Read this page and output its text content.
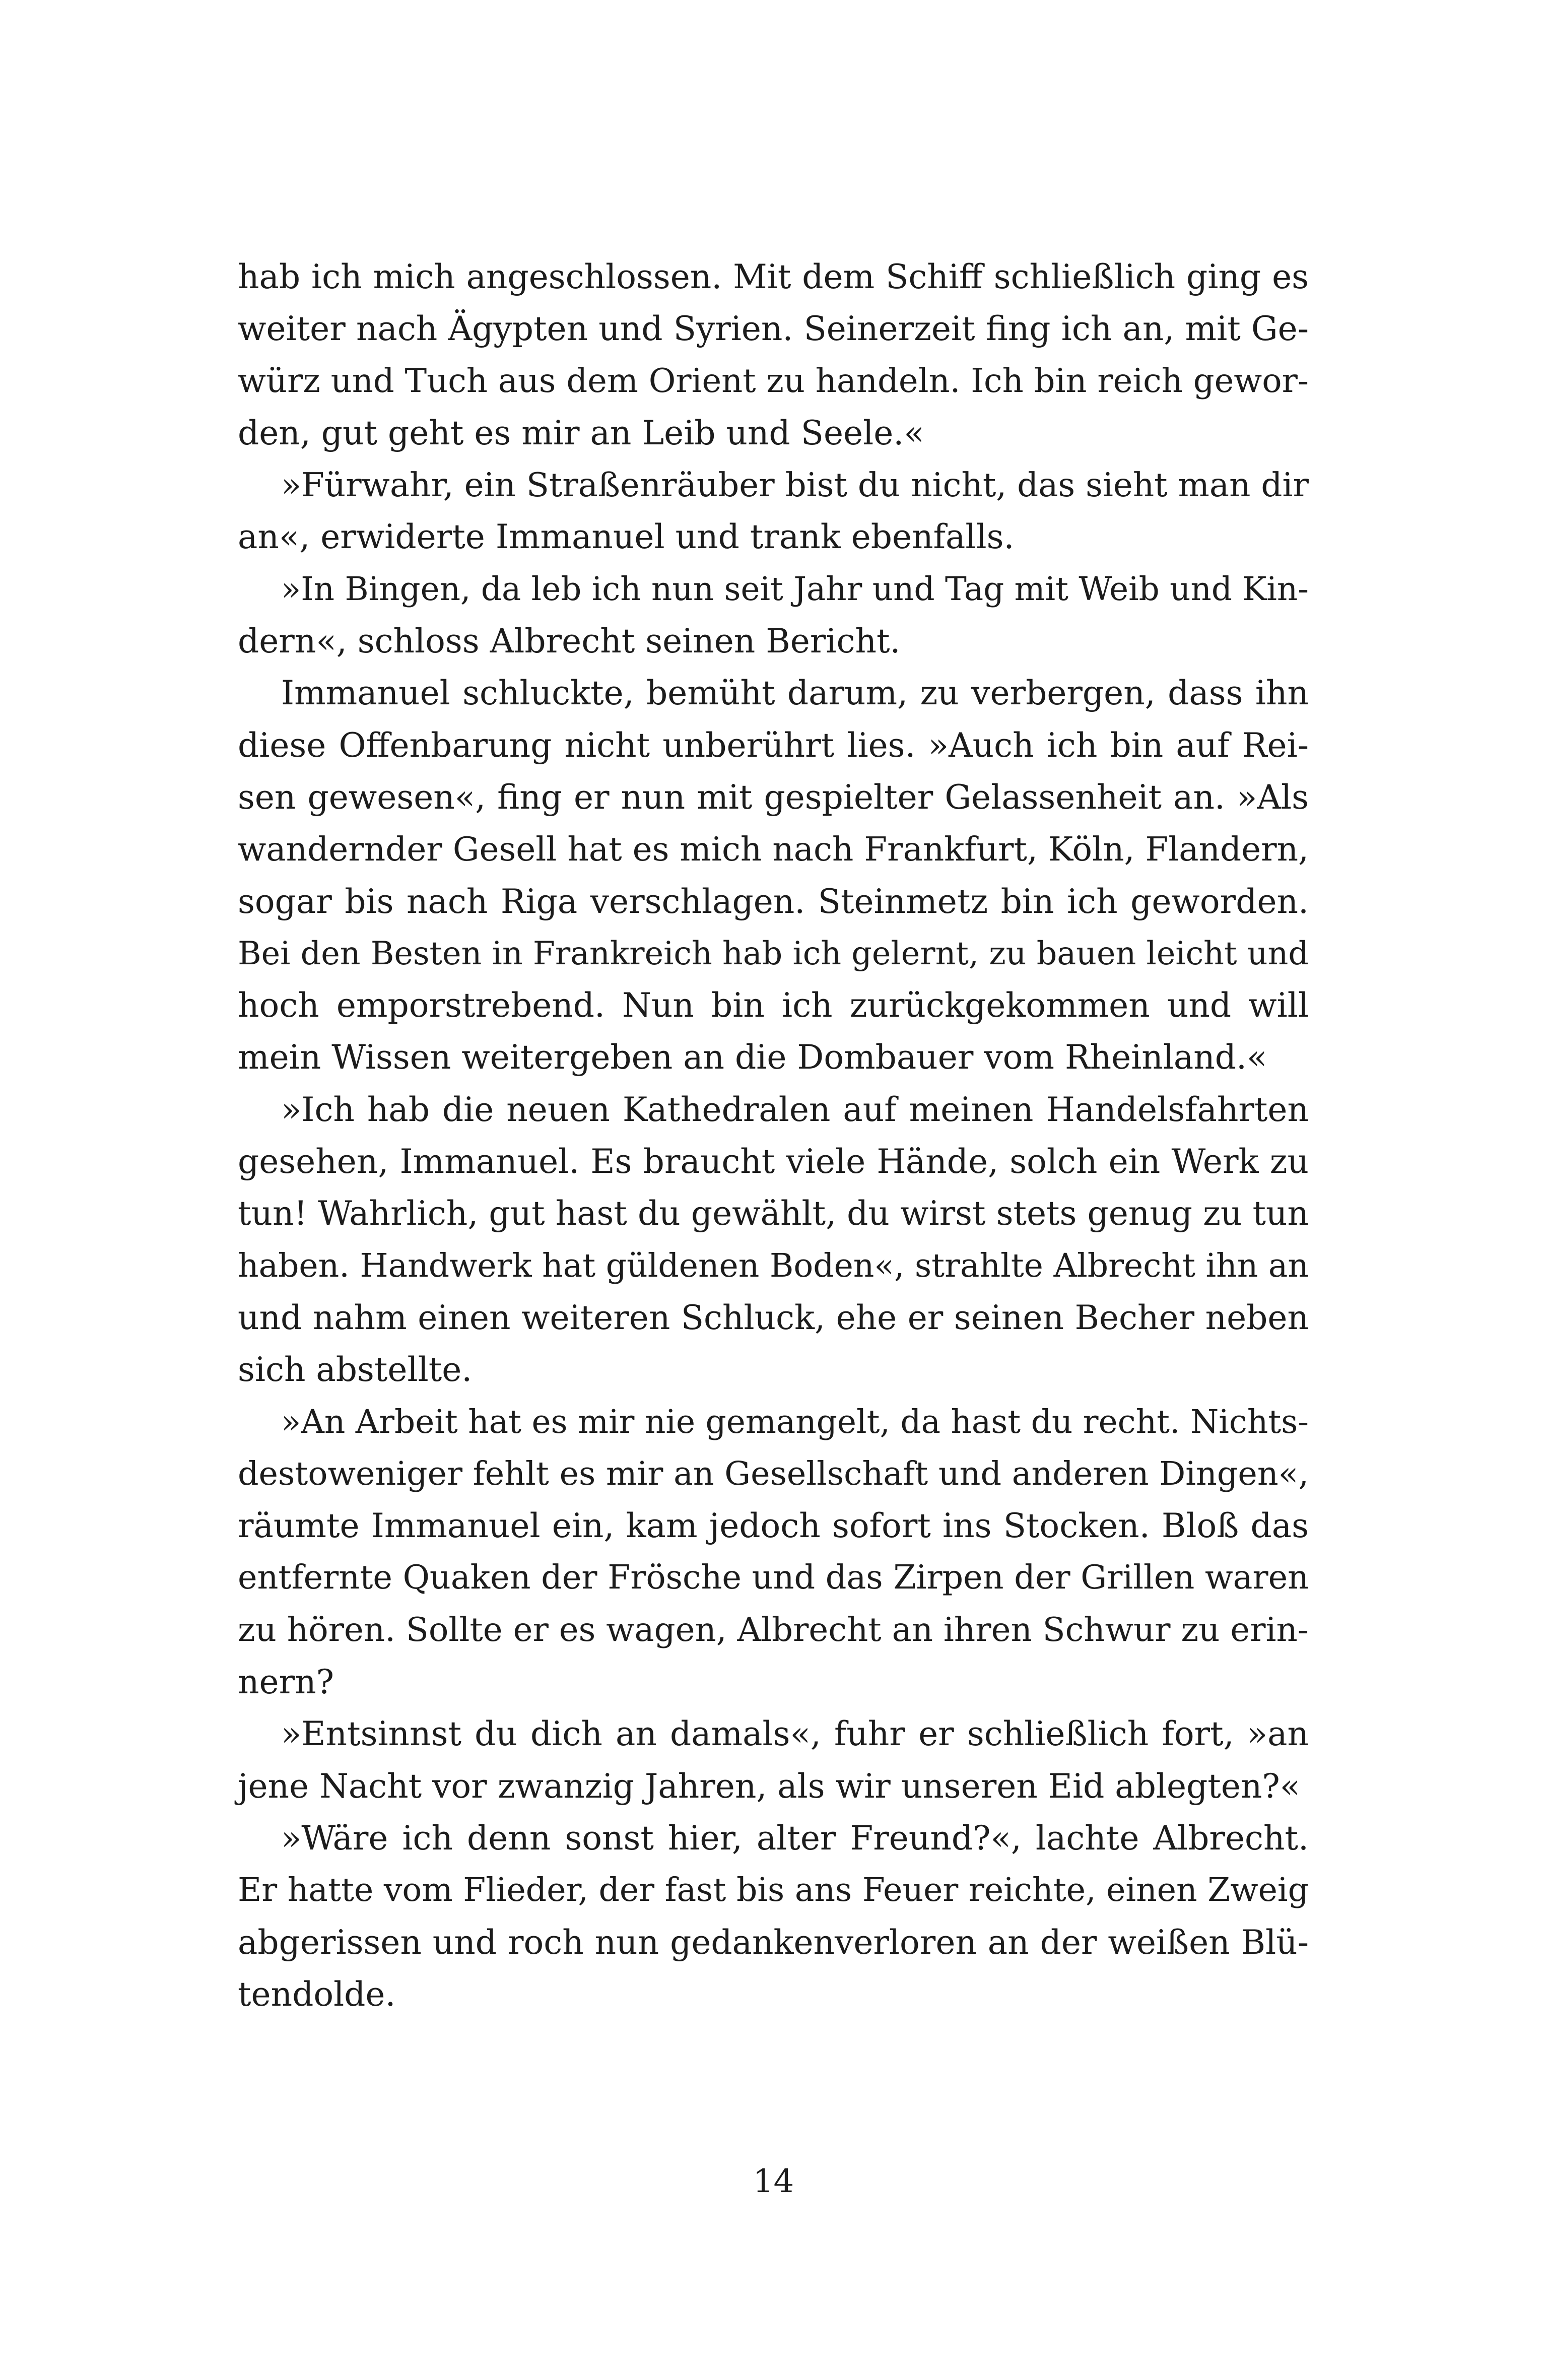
hab ich mich angeschlossen. Mit dem Schiff schließlich ging es
weiter nach Ägypten und Syrien. Seinerzeit fing ich an, mit Ge-
würz und Tuch aus dem Orient zu handeln. Ich bin reich gewor-
den, gut geht es mir an Leib und Seele.«
»Fürwahr, ein Straßenräuber bist du nicht, das sieht man dir
an«, erwiderte Immanuel und trank ebenfalls.
»In Bingen, da leb ich nun seit Jahr und Tag mit Weib und Kin-
dern«, schloss Albrecht seinen Bericht.
Immanuel schluckte, bemüht darum, zu verbergen, dass ihn
diese Offenbarung nicht unberührt lies. »Auch ich bin auf Rei-
sen gewesen«, fing er nun mit gespielter Gelassenheit an. »Als
wandernder Gesell hat es mich nach Frankfurt, Köln, Flandern,
sogar bis nach Riga verschlagen. Steinmetz bin ich geworden.
Bei den Besten in Frankreich hab ich gelernt, zu bauen leicht und
hoch emporstrebend. Nun bin ich zurückgekommen und will
mein Wissen weitergeben an die Dombauer vom Rheinland.«
»Ich hab die neuen Kathedralen auf meinen Handelsfahrten
gesehen, Immanuel. Es braucht viele Hände, solch ein Werk zu
tun! Wahrlich, gut hast du gewählt, du wirst stets genug zu tun
haben. Handwerk hat güldenen Boden«, strahlte Albrecht ihn an
und nahm einen weiteren Schluck, ehe er seinen Becher neben
sich abstellte.
»An Arbeit hat es mir nie gemangelt, da hast du recht. Nichts-
destoweniger fehlt es mir an Gesellschaft und anderen Dingen«,
räumte Immanuel ein, kam jedoch sofort ins Stocken. Bloß das
entfernte Quaken der Frösche und das Zirpen der Grillen waren
zu hören. Sollte er es wagen, Albrecht an ihren Schwur zu erin-
nern?
»Entsinnst du dich an damals«, fuhr er schließlich fort, »an
jene Nacht vor zwanzig Jahren, als wir unseren Eid ablegten?«
»Wäre ich denn sonst hier, alter Freund?«, lachte Albrecht.
Er hatte vom Flieder, der fast bis ans Feuer reichte, einen Zweig
abgerissen und roch nun gedankenverloren an der weißen Blü-
tendolde.
14
